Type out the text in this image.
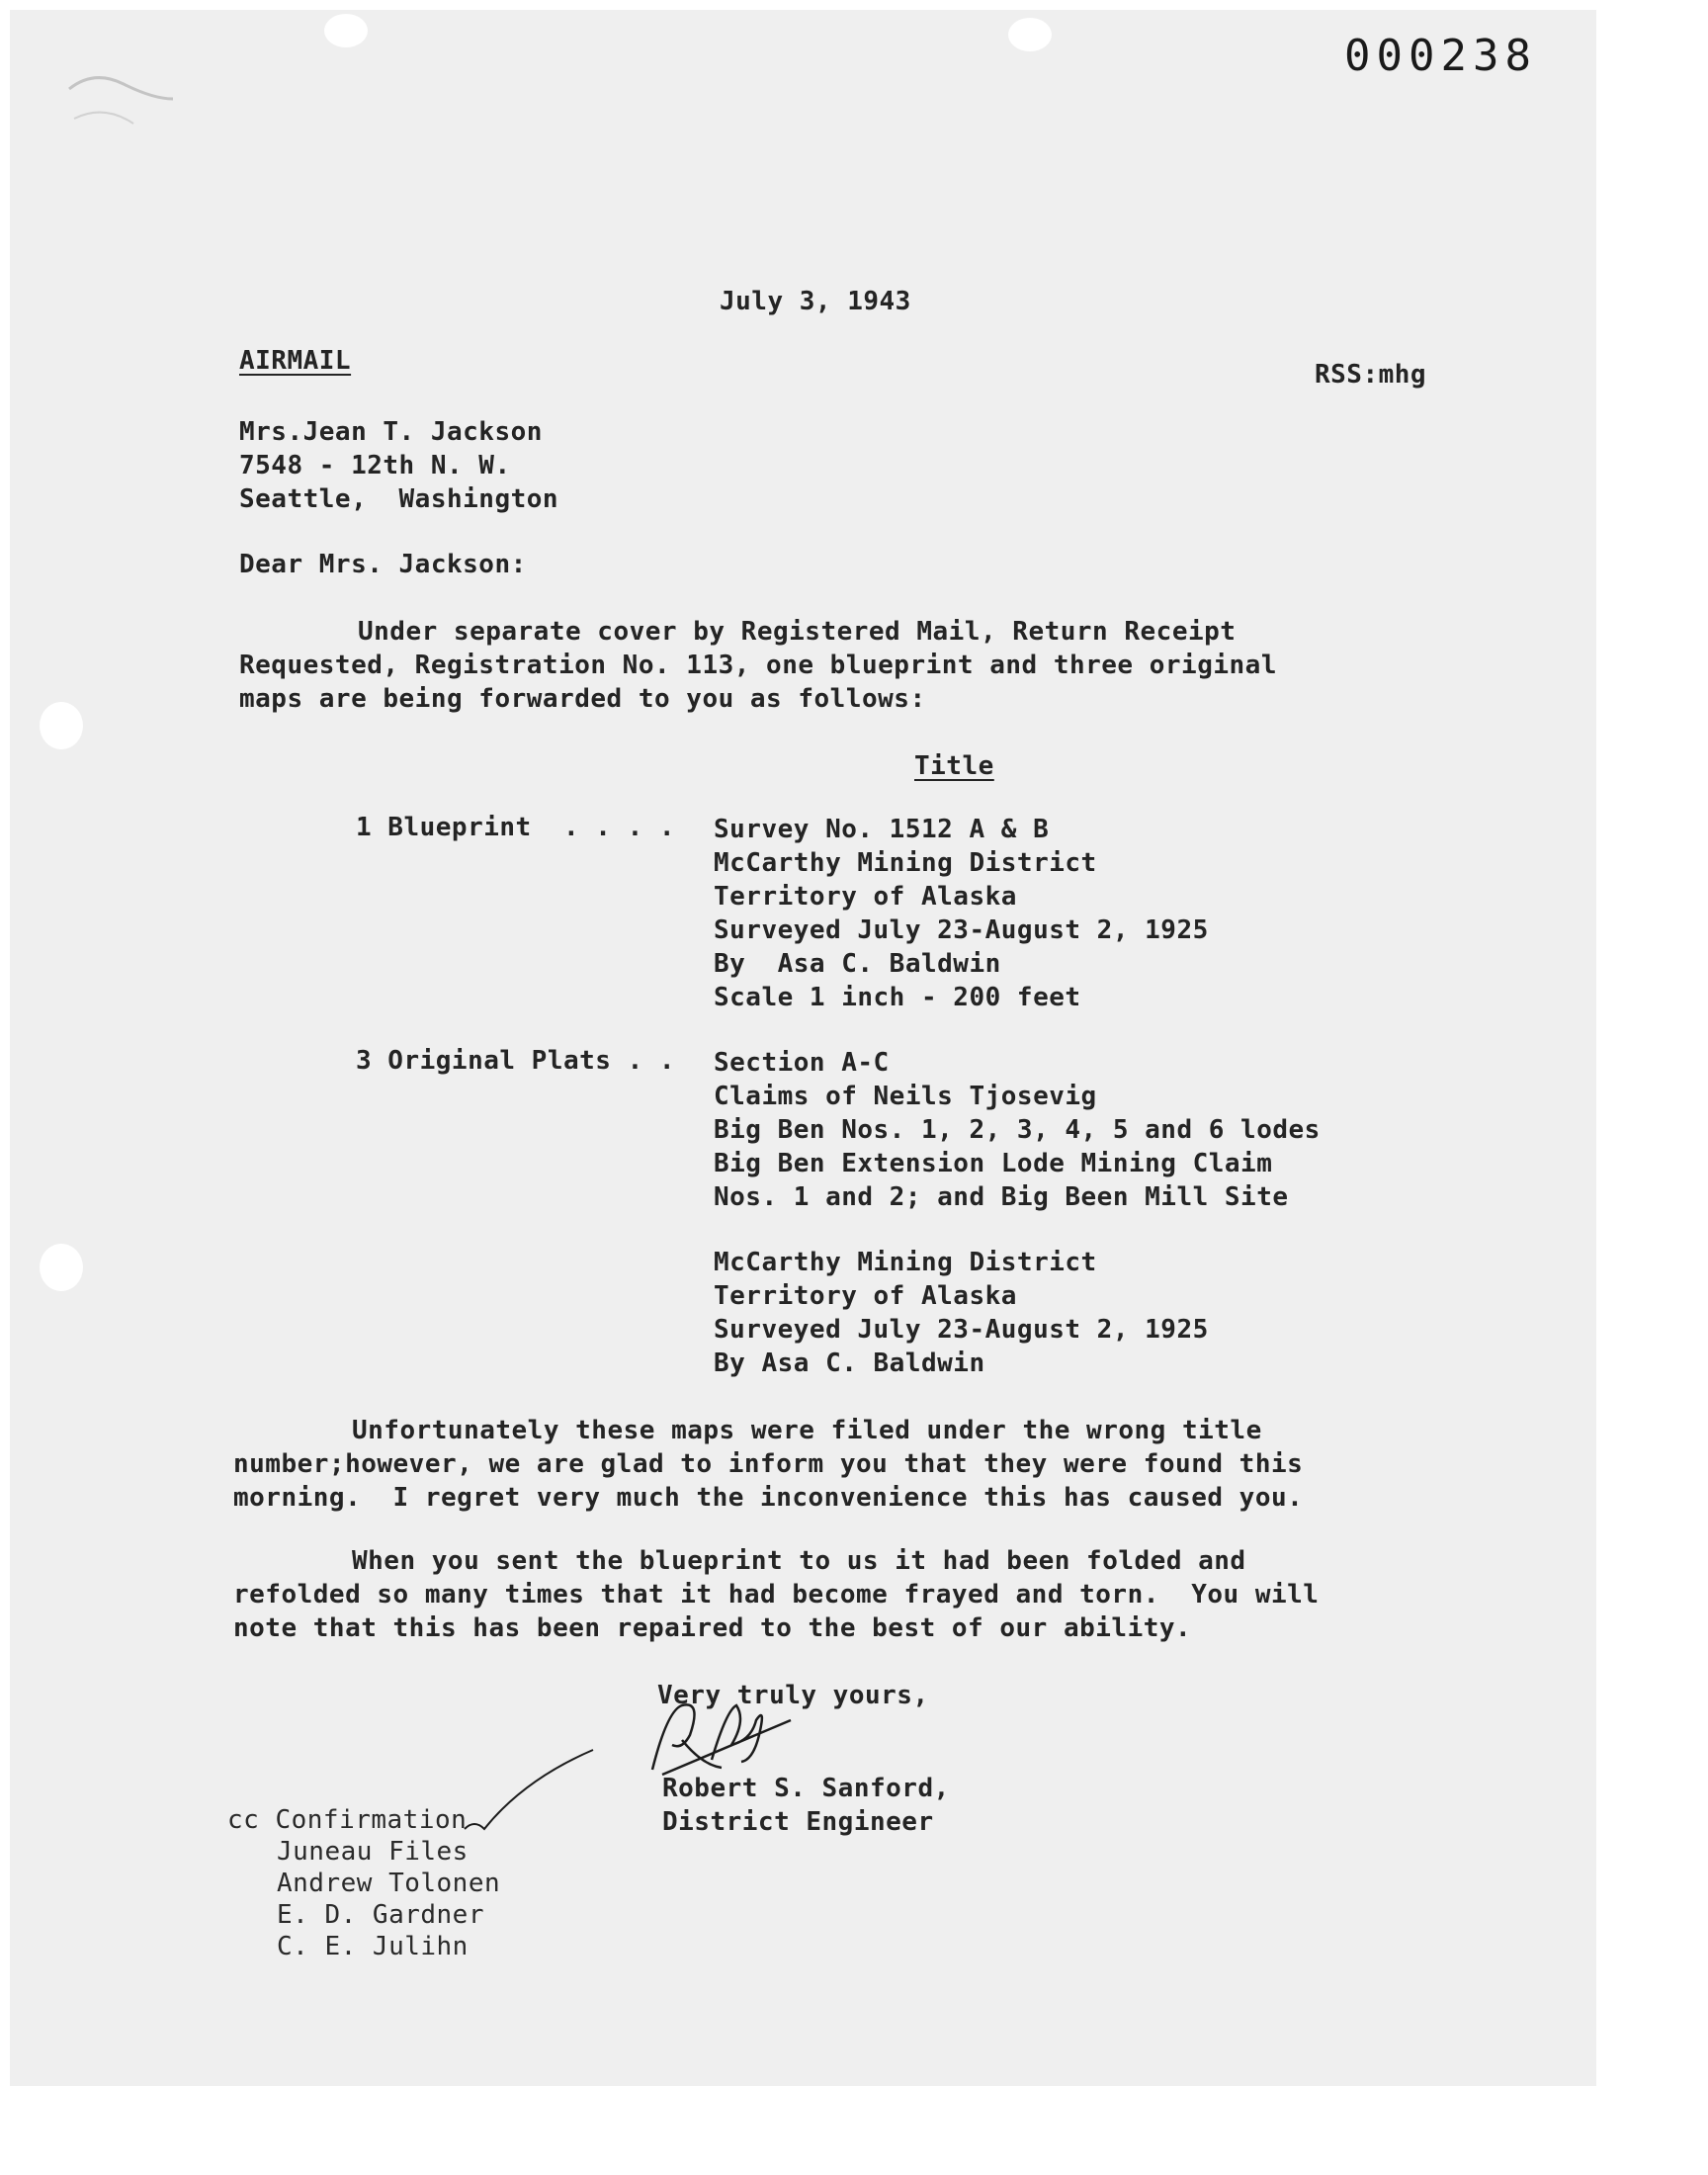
000238
July 3, 1943
AIRMAIL	RSS:mhg
Mrs.Jean T. Jackson
7548 - 12th N. W.
Seattle,  Washington
Dear Mrs. Jackson:
Under separate cover by Registered Mail, Return Receipt
Requested, Registration No. 113, one blueprint and three original
maps are being forwarded to you as follows:
Title
1 Blueprint  . . . . Survey No. 1512 A & B
McCarthy Mining District
Territory of Alaska
Surveyed July 23-August 2, 1925
By  Asa C. Baldwin
Scale 1 inch - 200 feet
3 Original Plats . . Section A-C
Claims of Neils Tjosevig
Big Ben Nos. 1, 2, 3, 4, 5 and 6 lodes
Big Ben Extension Lode Mining Claim
Nos. 1 and 2; and Big Been Mill Site
McCarthy Mining District
Territory of Alaska
Surveyed July 23-August 2, 1925
By Asa C. Baldwin
Unfortunately these maps were filed under the wrong title
number;however, we are glad to inform you that they were found this
morning.  I regret very much the inconvenience this has caused you.
When you sent the blueprint to us it had been folded and
refolded so many times that it had become frayed and torn.  You will
note that this has been repaired to the best of our ability.
Very truly yours,
Robert S. Sanford,
District Engineer
cc Confirmation
Juneau Files
Andrew Tolonen
E. D. Gardner
C. E. Julihn
